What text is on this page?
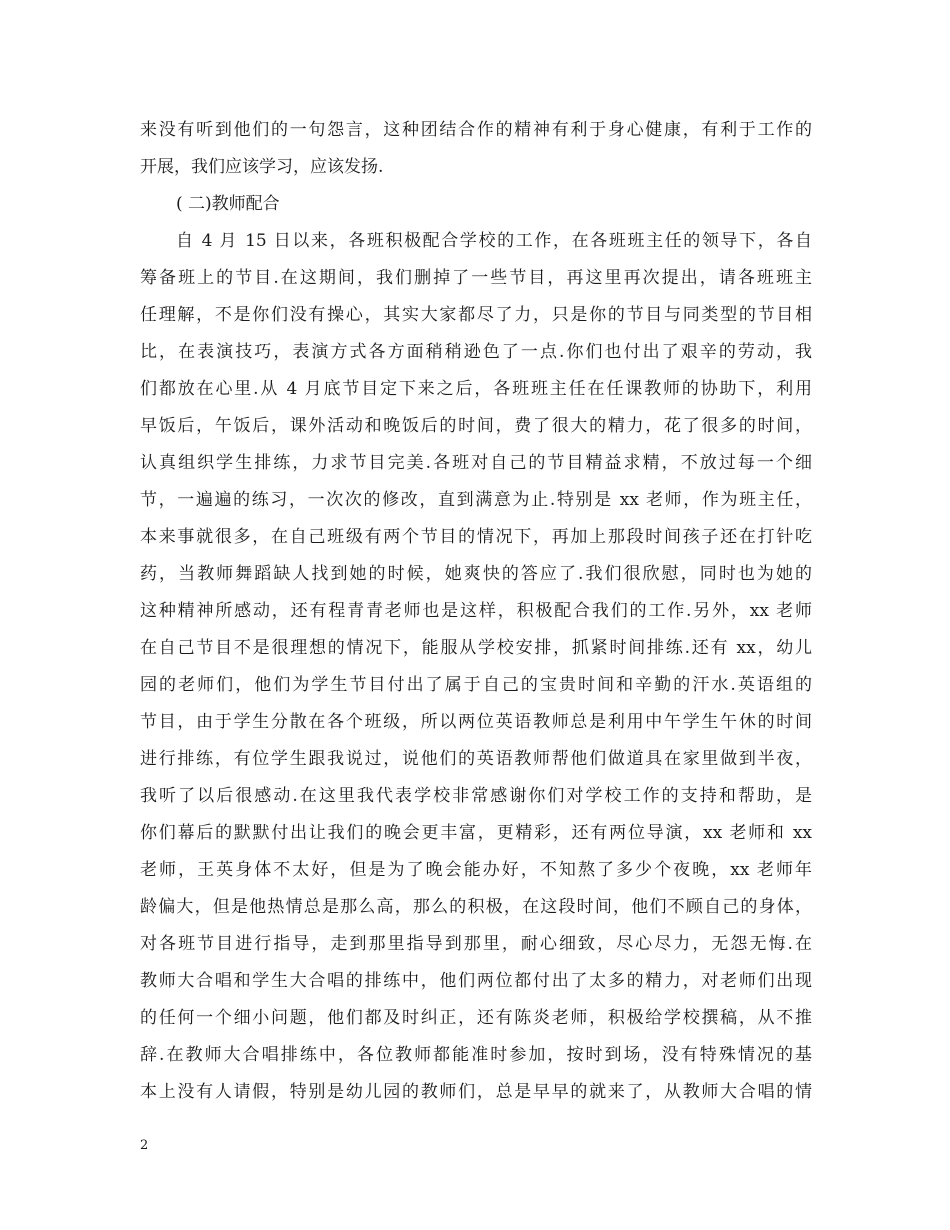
来没有听到他们的一句怨言，这种团结合作的精神有利于身心健康，有利于工作的
开展，我们应该学习，应该发扬.
( 二)教师配合
自 4 月 15 日以来，各班积极配合学校的工作，在各班班主任的领导下，各自
筹备班上的节目.在这期间，我们删掉了一些节目，再这里再次提出，请各班班主
任理解，不是你们没有操心，其实大家都尽了力，只是你的节目与同类型的节目相
比，在表演技巧，表演方式各方面稍稍逊色了一点.你们也付出了艰辛的劳动，我
们都放在心里.从 4 月底节目定下来之后，各班班主任在任课教师的协助下，利用
早饭后，午饭后，课外活动和晚饭后的时间，费了很大的精力，花了很多的时间，
认真组织学生排练，力求节目完美.各班对自己的节目精益求精，不放过每一个细
节，一遍遍的练习，一次次的修改，直到满意为止.特别是 xx 老师，作为班主任，
本来事就很多，在自己班级有两个节目的情况下，再加上那段时间孩子还在打针吃
药，当教师舞蹈缺人找到她的时候，她爽快的答应了.我们很欣慰，同时也为她的
这种精神所感动，还有程青青老师也是这样，积极配合我们的工作.另外，xx 老师
在自己节目不是很理想的情况下，能服从学校安排，抓紧时间排练.还有 xx，幼儿
园的老师们，他们为学生节目付出了属于自己的宝贵时间和辛勤的汗水.英语组的
节目，由于学生分散在各个班级，所以两位英语教师总是利用中午学生午休的时间
进行排练，有位学生跟我说过，说他们的英语教师帮他们做道具在家里做到半夜，
我听了以后很感动.在这里我代表学校非常感谢你们对学校工作的支持和帮助，是
你们幕后的默默付出让我们的晚会更丰富，更精彩，还有两位导演，xx 老师和 xx
老师，王英身体不太好，但是为了晚会能办好，不知熬了多少个夜晚，xx 老师年
龄偏大，但是他热情总是那么高，那么的积极，在这段时间，他们不顾自己的身体，
对各班节目进行指导，走到那里指导到那里，耐心细致，尽心尽力，无怨无悔.在
教师大合唱和学生大合唱的排练中，他们两位都付出了太多的精力，对老师们出现
的任何一个细小问题，他们都及时纠正，还有陈炎老师，积极给学校撰稿，从不推
辞.在教师大合唱排练中，各位教师都能准时参加，按时到场，没有特殊情况的基
本上没有人请假，特别是幼儿园的教师们，总是早早的就来了，从教师大合唱的情
2
